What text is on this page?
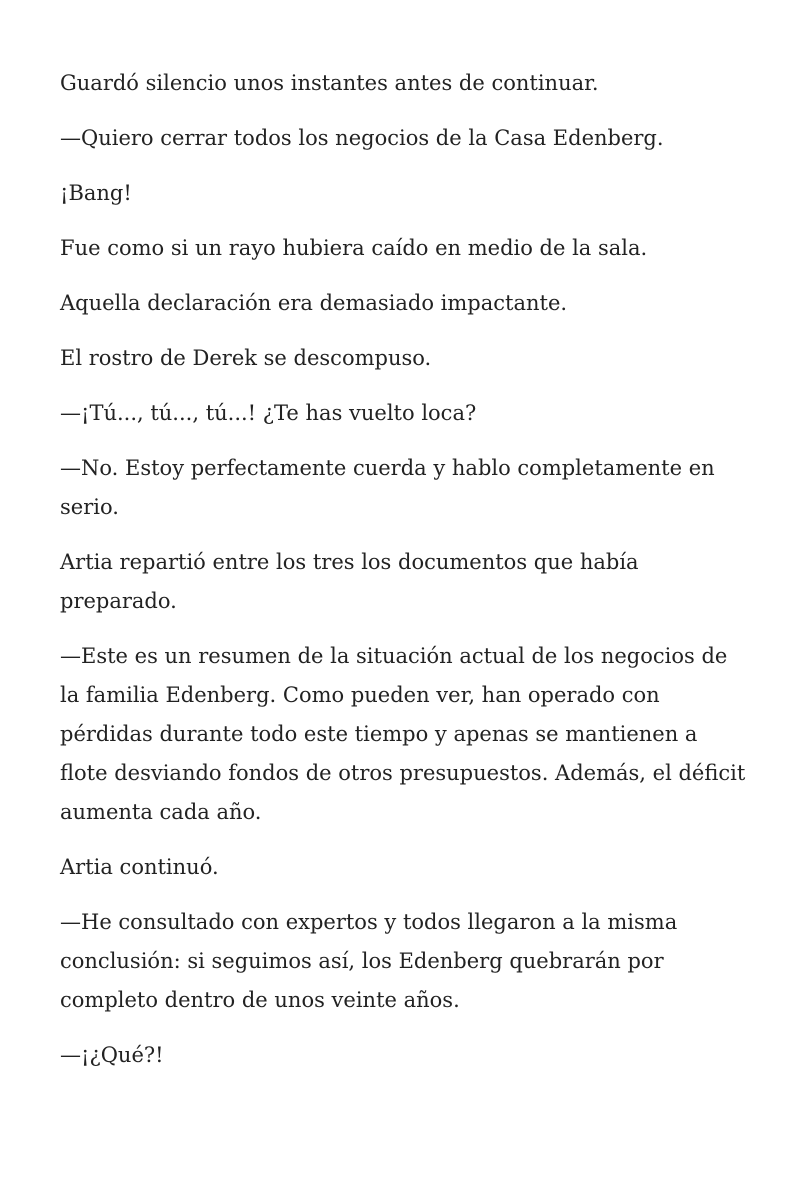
Guardó silencio unos instantes antes de continuar.

—Quiero cerrar todos los negocios de la Casa Edenberg.

¡Bang!

Fue como si un rayo hubiera caído en medio de la sala.

Aquella declaración era demasiado impactante.

El rostro de Derek se descompuso.

—¡Tú..., tú..., tú...! ¿Te has vuelto loca?

—No. Estoy perfectamente cuerda y hablo completamente en serio.

Artia repartió entre los tres los documentos que había preparado.

—Este es un resumen de la situación actual de los negocios de la familia Edenberg. Como pueden ver, han operado con pérdidas durante todo este tiempo y apenas se mantienen a flote desviando fondos de otros presupuestos. Además, el déficit aumenta cada año.

Artia continuó.

—He consultado con expertos y todos llegaron a la misma conclusión: si seguimos así, los Edenberg quebrarán por completo dentro de unos veinte años.

—¡¿Qué?!
